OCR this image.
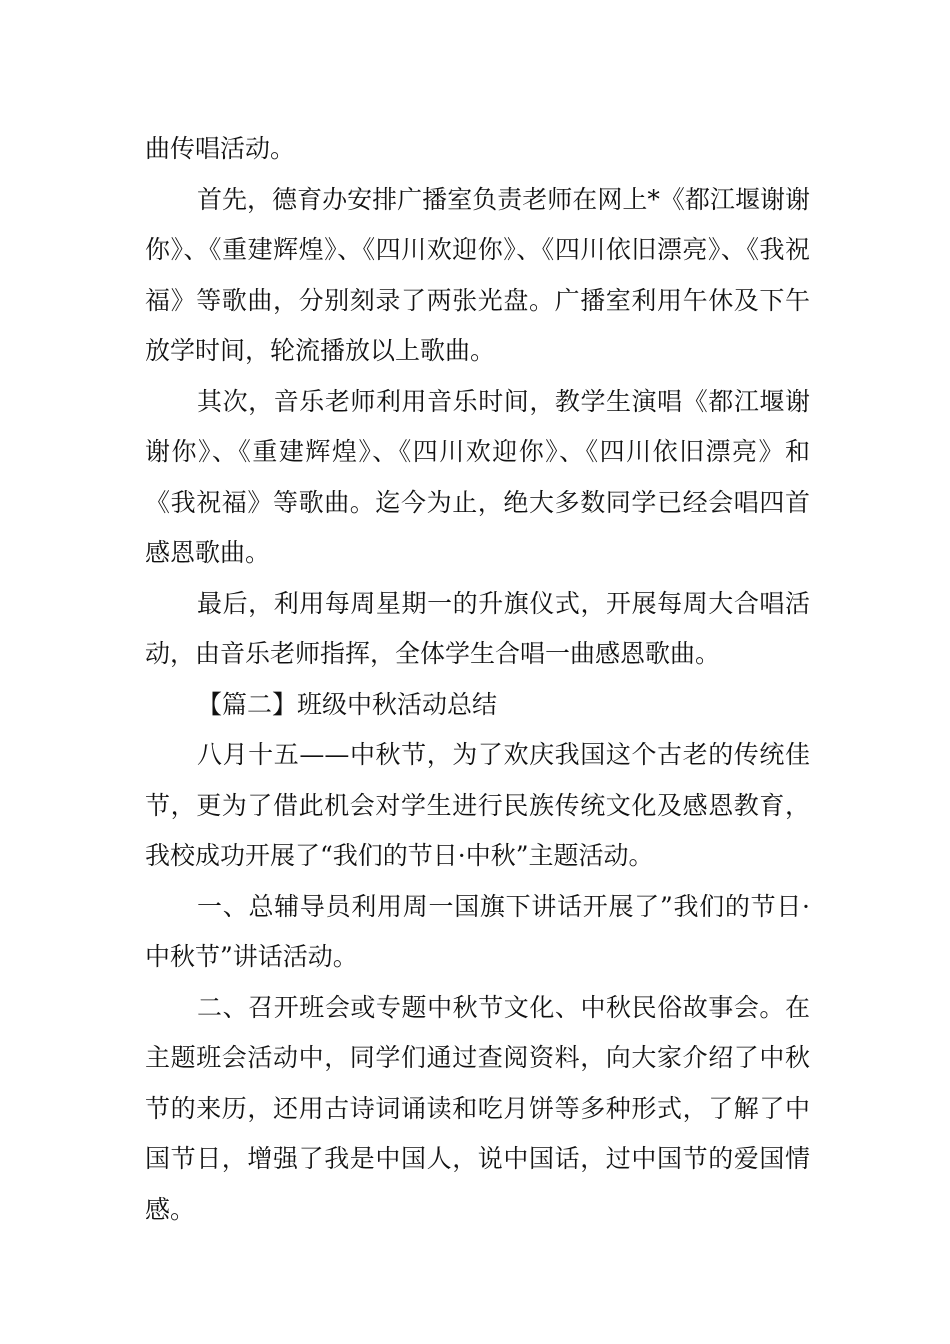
曲传唱活动。

首先，德育办安排广播室负责老师在网上*《都江堰谢谢你》、《重建辉煌》、《四川欢迎你》、《四川依旧漂亮》、《我祝福》等歌曲，分别刻录了两张光盘。广播室利用午休及下午放学时间，轮流播放以上歌曲。

其次，音乐老师利用音乐时间，教学生演唱《都江堰谢谢你》、《重建辉煌》、《四川欢迎你》、《四川依旧漂亮》和《我祝福》等歌曲。迄今为止，绝大多数同学已经会唱四首感恩歌曲。

最后，利用每周星期一的升旗仪式，开展每周大合唱活动，由音乐老师指挥，全体学生合唱一曲感恩歌曲。

【篇二】班级中秋活动总结

八月十五——中秋节，为了欢庆我国这个古老的传统佳节，更为了借此机会对学生进行民族传统文化及感恩教育，我校成功开展了“我们的节日·中秋”主题活动。

一、总辅导员利用周一国旗下讲话开展了”我们的节日·中秋节”讲话活动。

二、召开班会或专题中秋节文化、中秋民俗故事会。在主题班会活动中，同学们通过查阅资料，向大家介绍了中秋节的来历，还用古诗词诵读和吃月饼等多种形式，了解了中国节日，增强了我是中国人，说中国话，过中国节的爱国情感。
